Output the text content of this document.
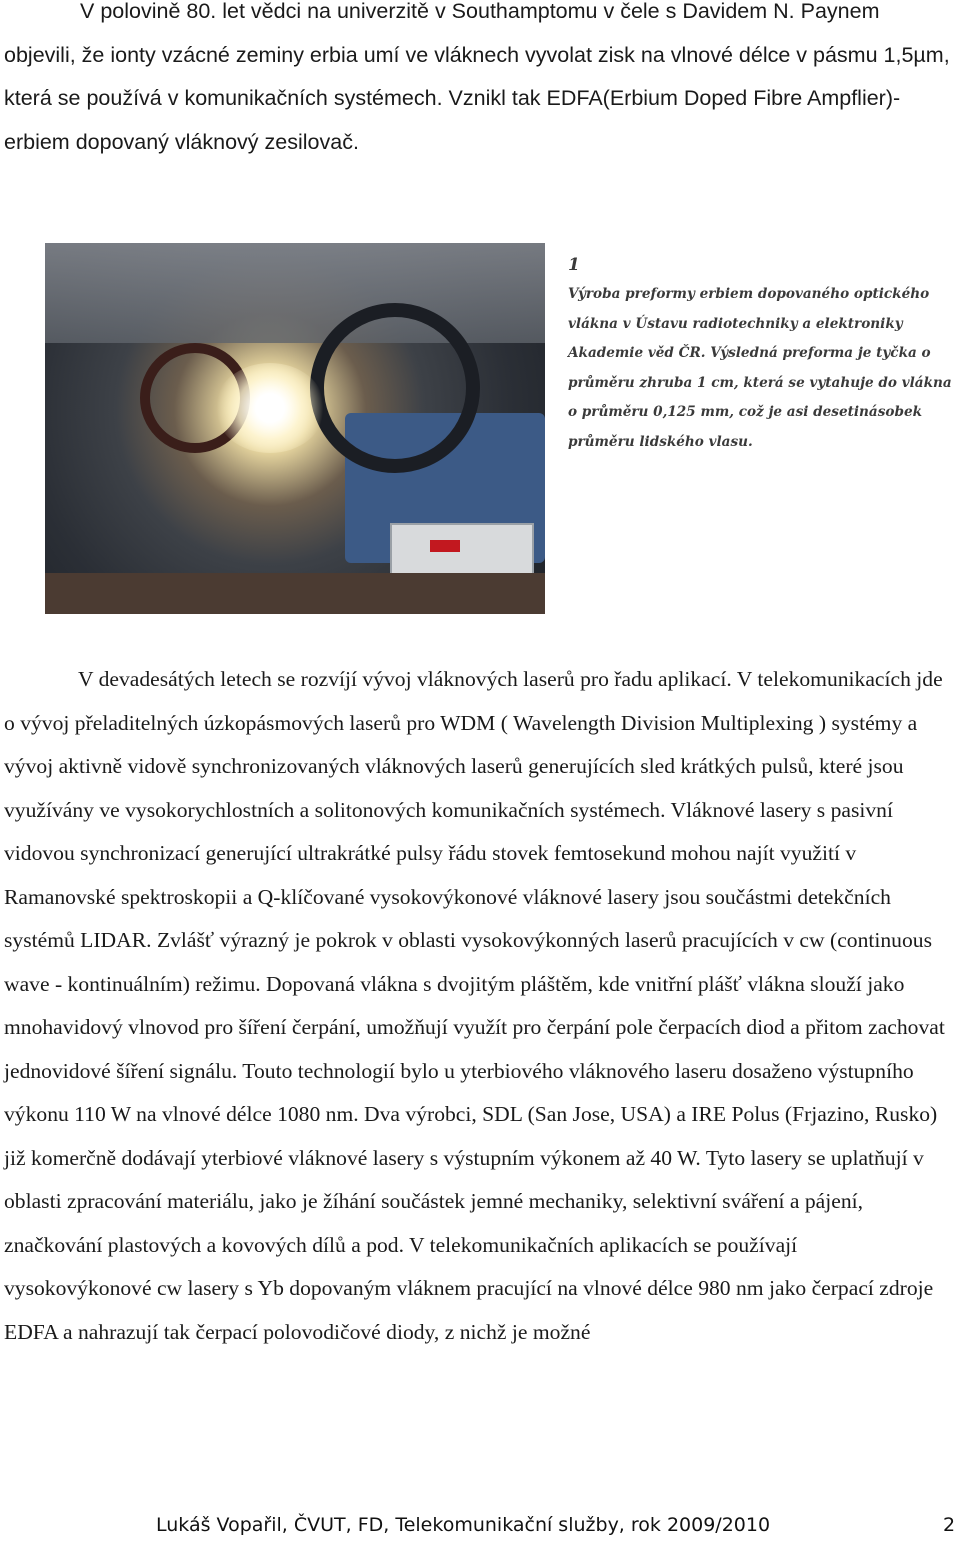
V polovině 80. let vědci na univerzitě v Southamptomu v čele s Davidem N. Paynem objevili, že ionty vzácné zeminy erbia umí ve vláknech vyvolat zisk na vlnové délce v pásmu 1,5µm, která se používá v komunikačních systémech. Vznikl tak EDFA(Erbium Doped Fibre Ampflier)-erbiem dopovaný vláknový zesilovač.

1
Výroba preformy erbiem dopovaného optického vlákna v Ústavu radiotechniky a elektroniky Akademie věd ČR. Výsledná preforma je tyčka o průměru zhruba 1 cm, která se vytahuje do vlákna o průměru 0,125 mm, což je asi desetinásobek průměru lidského vlasu.

V devadesátých letech se rozvíjí vývoj vláknových laserů pro řadu aplikací. V telekomunikacích jde o vývoj přeladitelných úzkopásmových laserů pro WDM ( Wavelength Division Multiplexing ) systémy a vývoj aktivně vidově synchronizovaných vláknových laserů generujících sled krátkých pulsů, které jsou využívány ve vysokorychlostních a solitonových komunikačních systémech. Vláknové lasery s pasivní vidovou synchronizací generující ultrakrátké pulsy řádu stovek femtosekund mohou najít využití v Ramanovské spektroskopii a Q-klíčované vysokovýkonové vláknové lasery jsou součástmi detekčních systémů LIDAR. Zvlášť výrazný je pokrok v oblasti vysokovýkonných laserů pracujících v cw (continuous wave - kontinuálním) režimu. Dopovaná vlákna s dvojitým pláštěm, kde vnitřní plášť vlákna slouží jako mnohavidový vlnovod pro šíření čerpání, umožňují využít pro čerpání pole čerpacích diod a přitom zachovat jednovidové šíření signálu. Touto technologií bylo u yterbiového vláknového laseru dosaženo výstupního výkonu 110 W na vlnové délce 1080 nm. Dva výrobci, SDL (San Jose, USA) a IRE Polus (Frjazino, Rusko) již komerčně dodávají yterbiové vláknové lasery s výstupním výkonem až 40 W. Tyto lasery se uplatňují v oblasti zpracování materiálu, jako je žíhání součástek jemné mechaniky, selektivní sváření a pájení, značkování plastových a kovových dílů a pod. V telekomunikačních aplikacích se používají vysokovýkonové cw lasery s Yb dopovaným vláknem pracující na vlnové délce 980 nm jako čerpací zdroje EDFA a nahrazují tak čerpací polovodičové diody, z nichž je možné

Lukáš Vopařil, ČVUT, FD, Telekomunikační služby, rok 2009/2010	2
